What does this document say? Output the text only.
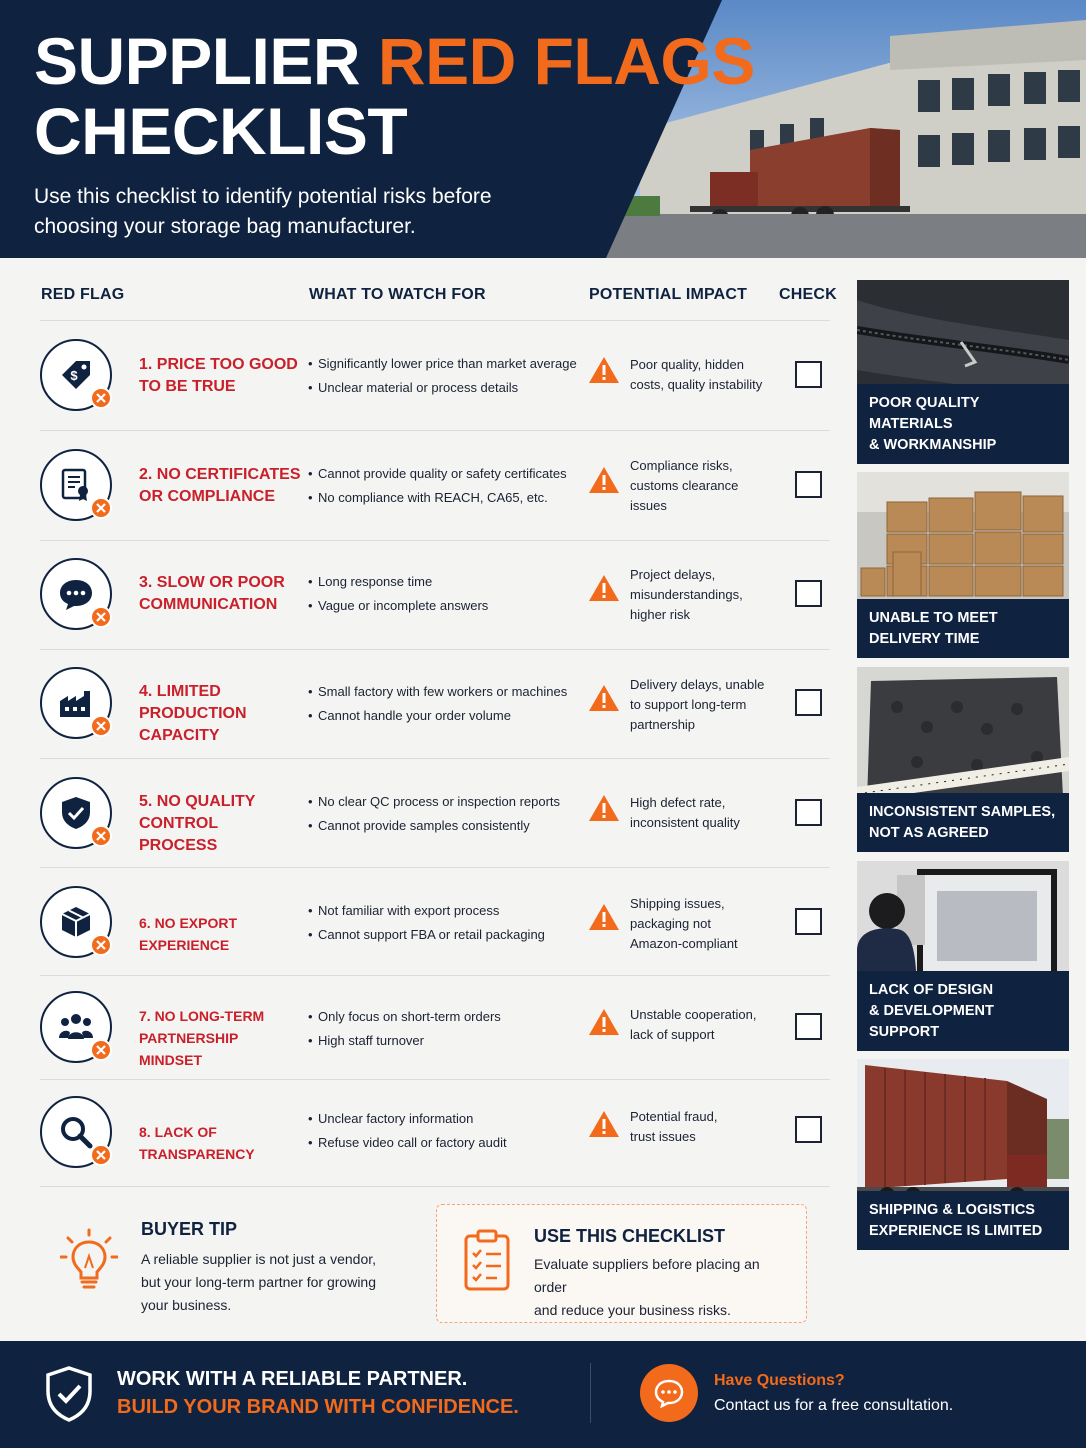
SUPPLIER RED FLAGS
CHECKLIST
Use this checklist to identify potential risks before
choosing your storage bag manufacturer.
RED FLAG	WHAT TO WATCH FOR	POTENTIAL IMPACT CHECK
$
1. PRICE TOO GOOD
TO BE TRUE
• Significantly lower price than market average
• Unclear material or process details
Poor quality, hidden
costs, quality instability
2. NO CERTIFICATES
OR COMPLIANCE
• Cannot provide quality or safety certificates
• No compliance with REACH, CA65, etc.
Compliance risks,
customs clearance
issues
3. SLOW OR POOR
COMMUNICATION
• Long response time
• Vague or incomplete answers
Project delays,
misunderstandings,
higher risk
4. LIMITED PRODUCTION
CAPACITY
• Small factory with few workers or machines
• Cannot handle your order volume
Delivery delays, unable
to support long-term
partnership
5. NO QUALITY CONTROL
PROCESS
• No clear QC process or inspection reports
• Cannot provide samples consistently
High defect rate,
inconsistent quality
6. NO EXPORT EXPERIENCE
• Not familiar with export process
• Cannot support FBA or retail packaging
Shipping issues,
packaging not
Amazon-compliant
7. NO LONG-TERM
PARTNERSHIP MINDSET
• Only focus on short-term orders
• High staff turnover
Unstable cooperation,
lack of support
8. LACK OF TRANSPARENCY
• Unclear factory information
• Refuse video call or factory audit
Potential fraud,
trust issues
POOR QUALITY MATERIALS
& WORKMANSHIP
UNABLE TO MEET
DELIVERY TIME
INCONSISTENT SAMPLES,
NOT AS AGREED
LACK OF DESIGN
& DEVELOPMENT SUPPORT
SHIPPING & LOGISTICS
EXPERIENCE IS LIMITED
BUYER TIP
A reliable supplier is not just a vendor,
but your long-term partner for growing
your business.
USE THIS CHECKLIST
Evaluate suppliers before placing an order
and reduce your business risks.
WORK WITH A RELIABLE PARTNER.
BUILD YOUR BRAND WITH CONFIDENCE.
Have Questions?
Contact us for a free consultation.
